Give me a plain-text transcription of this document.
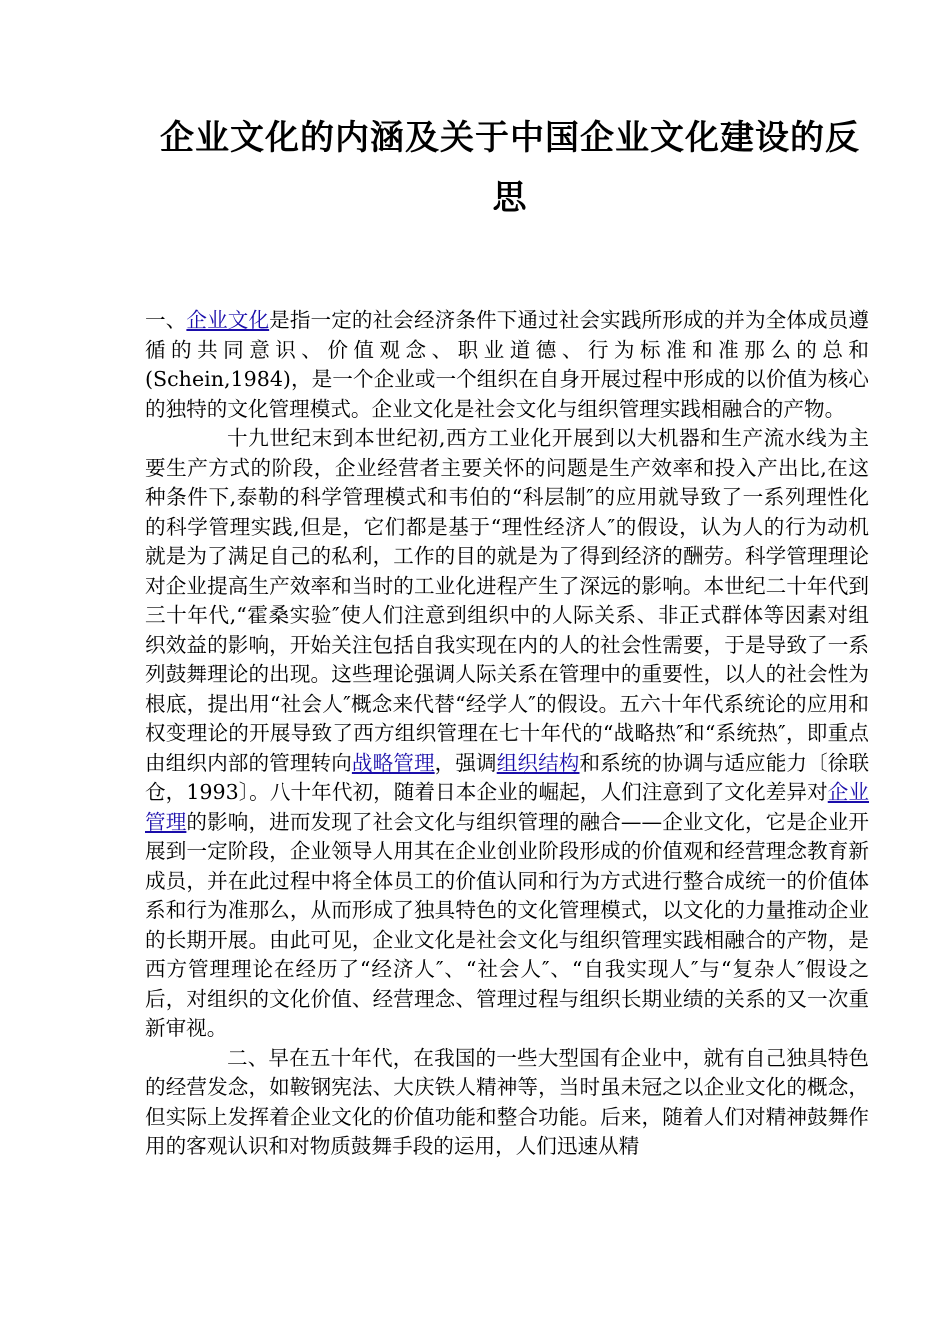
企业文化的内涵及关于中国企业文化建设的反思

一、企业文化是指一定的社会经济条件下通过社会实践所形成的并为全体成员遵循的共同意识、价值观念、职业道德、行为标准和准那么的总和(Schein,1984)，是一个企业或一个组织在自身开展过程中形成的以价值为核心的独特的文化管理模式。企业文化是社会文化与组织管理实践相融合的产物。

十九世纪末到本世纪初,西方工业化开展到以大机器和生产流水线为主要生产方式的阶段，企业经营者主要关怀的问题是生产效率和投入产出比,在这种条件下,泰勒的科学管理模式和韦伯的“科层制″的应用就导致了一系列理性化的科学管理实践,但是，它们都是基于“理性经济人″的假设，认为人的行为动机就是为了满足自己的私利，工作的目的就是为了得到经济的酬劳。科学管理理论对企业提高生产效率和当时的工业化进程产生了深远的影响。本世纪二十年代到三十年代,“霍桑实验″使人们注意到组织中的人际关系、非正式群体等因素对组织效益的影响，开始关注包括自我实现在内的人的社会性需要，于是导致了一系列鼓舞理论的出现。这些理论强调人际关系在管理中的重要性，以人的社会性为根底，提出用“社会人″概念来代替“经学人″的假设。五六十年代系统论的应用和权变理论的开展导致了西方组织管理在七十年代的“战略热″和“系统热″，即重点由组织内部的管理转向战略管理，强调组织结构和系统的协调与适应能力〔徐联仓，1993〕。八十年代初，随着日本企业的崛起，人们注意到了文化差异对企业管理的影响，进而发现了社会文化与组织管理的融合——企业文化，它是企业开展到一定阶段，企业领导人用其在企业创业阶段形成的价值观和经营理念教育新成员，并在此过程中将全体员工的价值认同和行为方式进行整合成统一的价值体系和行为准那么，从而形成了独具特色的文化管理模式，以文化的力量推动企业的长期开展。由此可见，企业文化是社会文化与组织管理实践相融合的产物，是西方管理理论在经历了“经济人″、“社会人″、“自我实现人″与“复杂人″假设之后，对组织的文化价值、经营理念、管理过程与组织长期业绩的关系的又一次重新审视。

二、早在五十年代，在我国的一些大型国有企业中，就有自己独具特色的经营发念，如鞍钢宪法、大庆铁人精神等，当时虽未冠之以企业文化的概念，但实际上发挥着企业文化的价值功能和整合功能。后来，随着人们对精神鼓舞作用的客观认识和对物质鼓舞手段的运用，人们迅速从精
